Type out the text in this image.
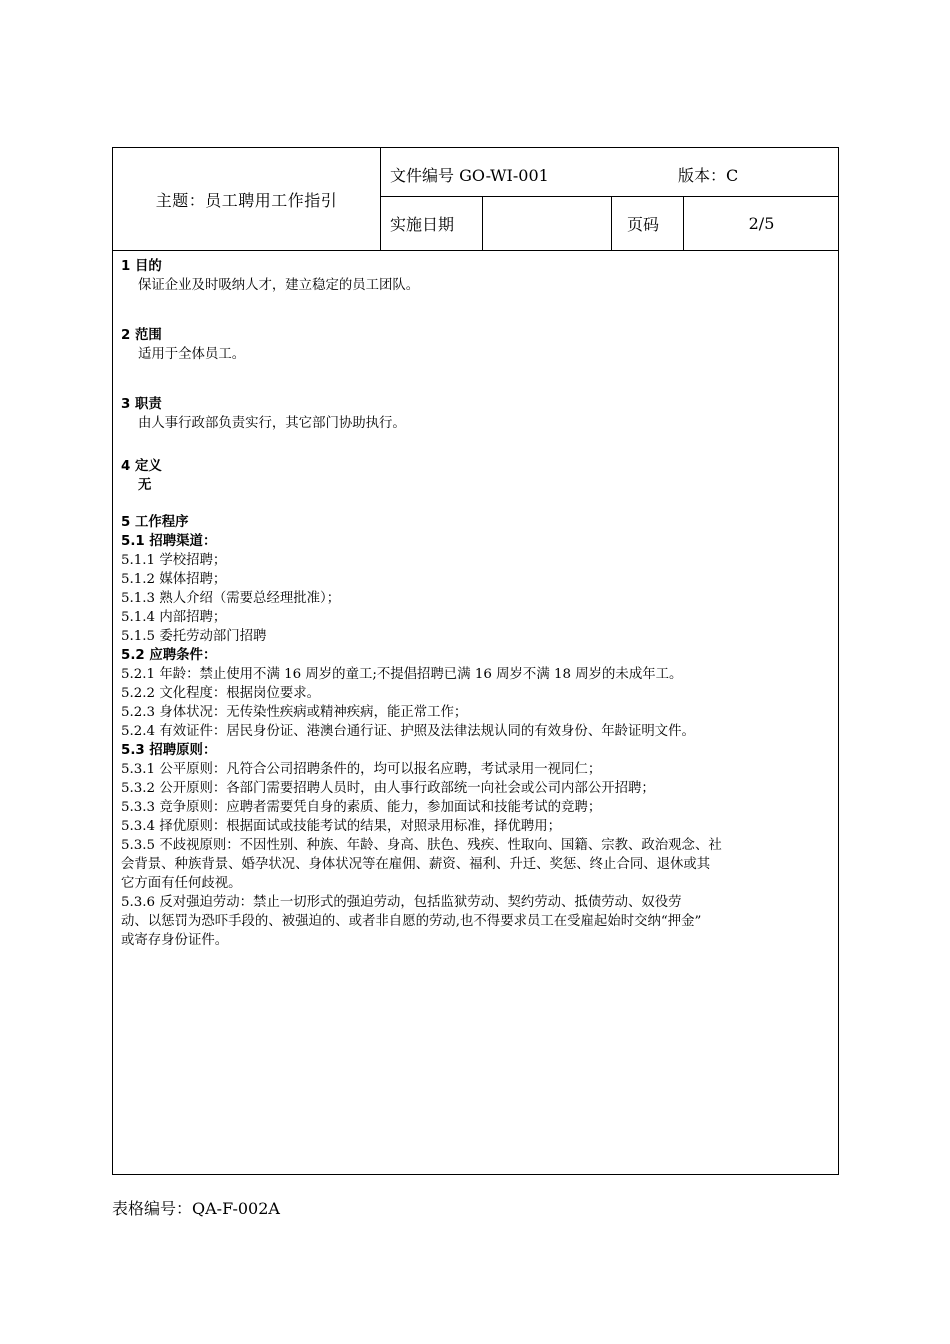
主题：员工聘用工作指引
文件编号 GO-WI-001	版本：C
实施日期	页码	2/5
1 目的
保证企业及时吸纳人才，建立稳定的员工团队。
2 范围
适用于全体员工。
3 职责
由人事行政部负责实行，其它部门协助执行。
4 定义
无
5 工作程序
5.1 招聘渠道：
5.1.1 学校招聘；
5.1.2 媒体招聘；
5.1.3 熟人介绍（需要总经理批准）；
5.1.4 内部招聘；
5.1.5 委托劳动部门招聘
5.2 应聘条件：
5.2.1 年龄：禁止使用不满 16 周岁的童工;不提倡招聘已满 16 周岁不满 18 周岁的未成年工。
5.2.2 文化程度：根据岗位要求。
5.2.3 身体状况：无传染性疾病或精神疾病，能正常工作；
5.2.4 有效证件：居民身份证、港澳台通行证、护照及法律法规认同的有效身份、年龄证明文件。
5.3 招聘原则：
5.3.1 公平原则：凡符合公司招聘条件的，均可以报名应聘，考试录用一视同仁；
5.3.2 公开原则：各部门需要招聘人员时，由人事行政部统一向社会或公司内部公开招聘；
5.3.3 竞争原则：应聘者需要凭自身的素质、能力，参加面试和技能考试的竞聘；
5.3.4 择优原则：根据面试或技能考试的结果，对照录用标准，择优聘用；
5.3.5 不歧视原则：不因性别、种族、年龄、身高、肤色、残疾、性取向、国籍、宗教、政治观念、社
会背景、种族背景、婚孕状况、身体状况等在雇佣、薪资、福利、升迁、奖惩、终止合同、退休或其
它方面有任何歧视。
5.3.6 反对强迫劳动：禁止一切形式的强迫劳动，包括监狱劳动、契约劳动、抵债劳动、奴役劳
动、以惩罚为恐吓手段的、被强迫的、或者非自愿的劳动,也不得要求员工在受雇起始时交纳“押金”
或寄存身份证件。
表格编号：QA-F-002A
